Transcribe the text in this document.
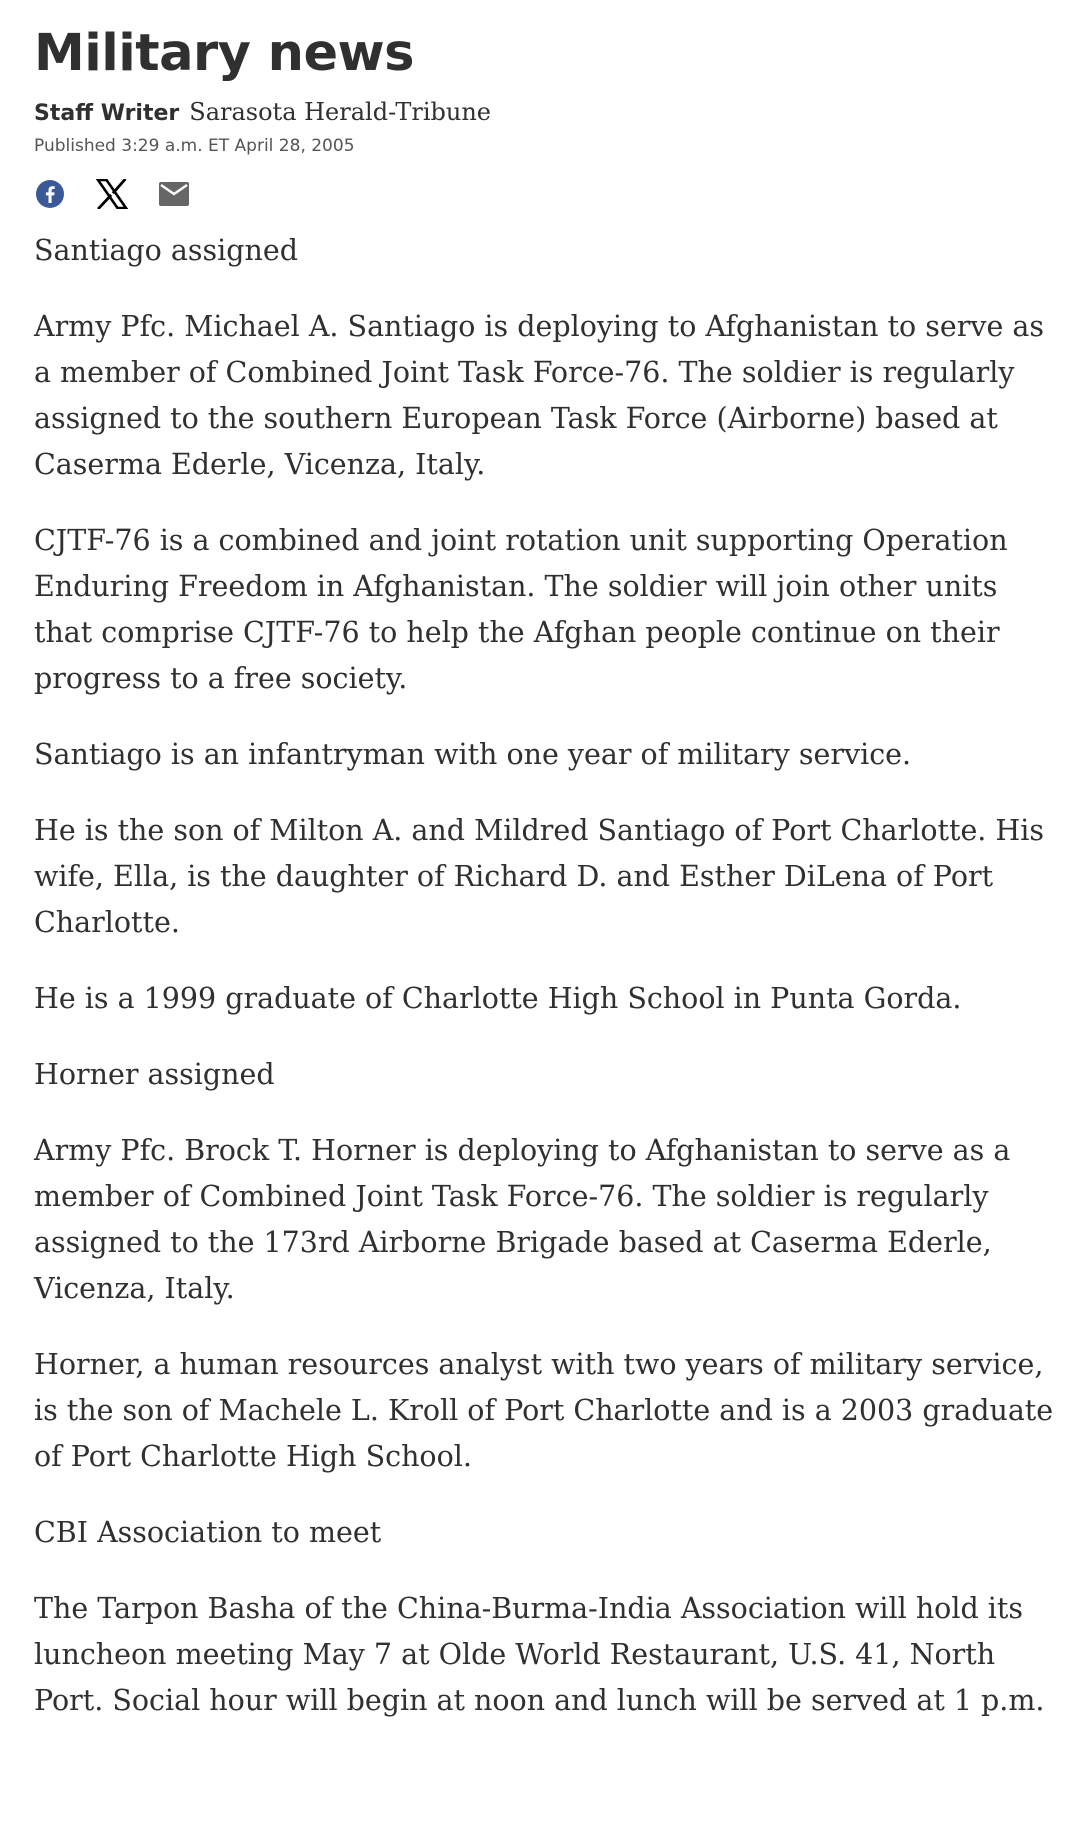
Military news
Staff Writer Sarasota Herald-Tribune
Published 3:29 a.m. ET April 28, 2005

Santiago assigned

Army Pfc. Michael A. Santiago is deploying to Afghanistan to serve as a member of Combined Joint Task Force-76. The soldier is regularly assigned to the southern European Task Force (Airborne) based at Caserma Ederle, Vicenza, Italy.

CJTF-76 is a combined and joint rotation unit supporting Operation Enduring Freedom in Afghanistan. The soldier will join other units that comprise CJTF-76 to help the Afghan people continue on their progress to a free society.

Santiago is an infantryman with one year of military service.

He is the son of Milton A. and Mildred Santiago of Port Charlotte. His wife, Ella, is the daughter of Richard D. and Esther DiLena of Port Charlotte.

He is a 1999 graduate of Charlotte High School in Punta Gorda.

Horner assigned

Army Pfc. Brock T. Horner is deploying to Afghanistan to serve as a member of Combined Joint Task Force-76. The soldier is regularly assigned to the 173rd Airborne Brigade based at Caserma Ederle, Vicenza, Italy.

Horner, a human resources analyst with two years of military service, is the son of Machele L. Kroll of Port Charlotte and is a 2003 graduate of Port Charlotte High School.

CBI Association to meet

The Tarpon Basha of the China-Burma-India Association will hold its luncheon meeting May 7 at Olde World Restaurant, U.S. 41, North Port. Social hour will begin at noon and lunch will be served at 1 p.m.
